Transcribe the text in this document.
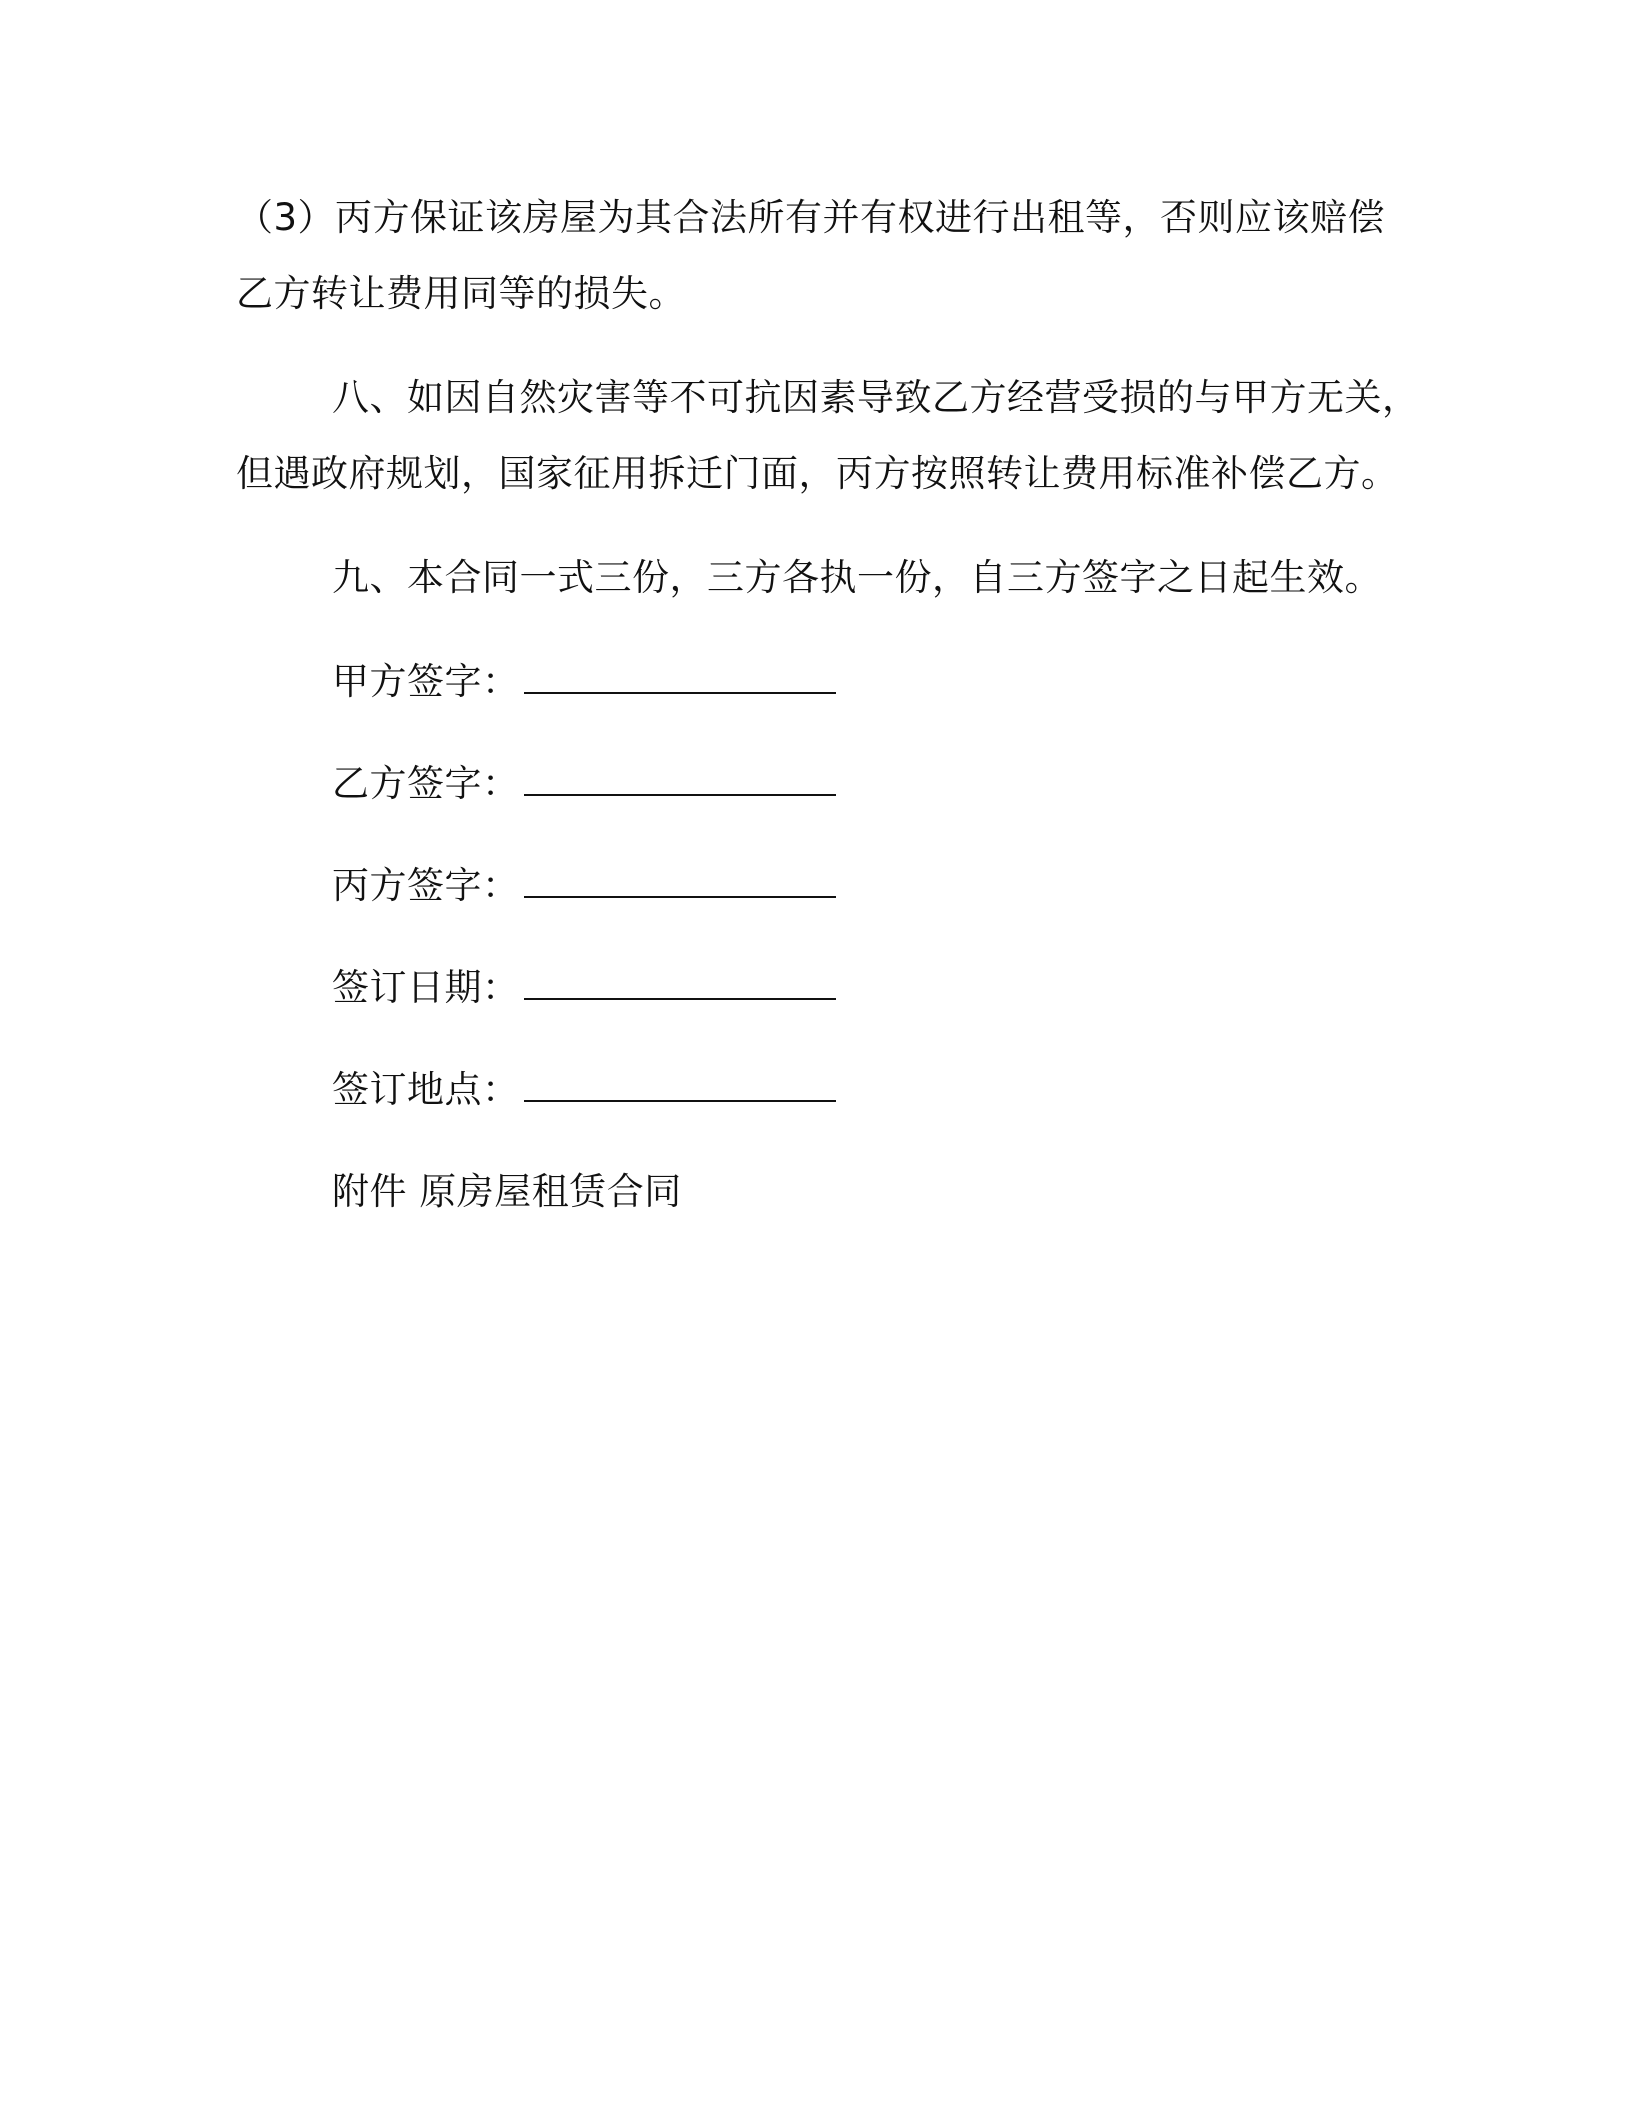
（3）丙方保证该房屋为其合法所有并有权进行出租等，否则应该赔偿
乙方转让费用同等的损失。
八、如因自然灾害等不可抗因素导致乙方经营受损的与甲方无关，
但遇政府规划，国家征用拆迁门面，丙方按照转让费用标准补偿乙方。
九、本合同一式三份，三方各执一份，自三方签字之日起生效。
甲方签字：
乙方签字：
丙方签字：
签订日期：
签订地点：
附件 原房屋租赁合同
